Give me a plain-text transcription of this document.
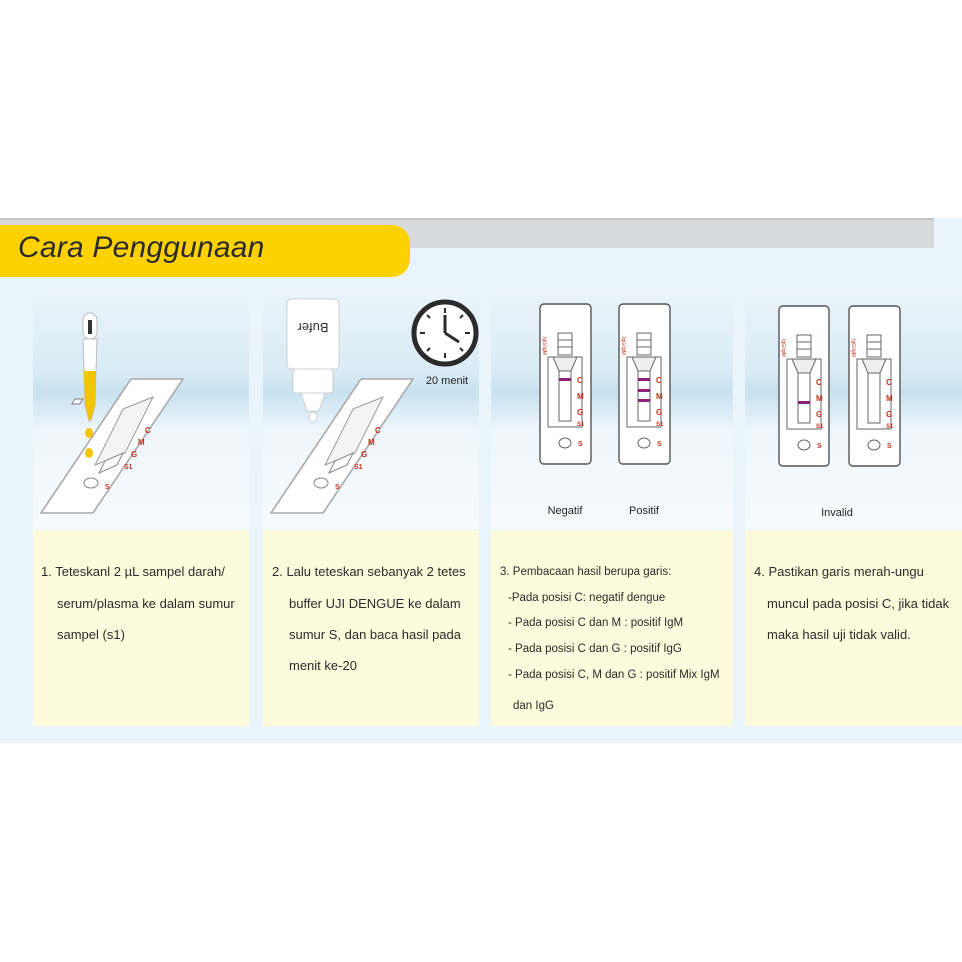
Cara Penggunaan
C
M
G
S1
S
C
M
G
S1
S
Bufer
20 menit
IgG/IgM
C
M
G
S1
S
IgG/IgM
C
M
G
S1
S
Negatif	Positif
IgG/IgM
C
M
G
S1
S
IgG/IgM
C
M
G
S1
S
Invalid
1. Teteskanl 2 µL sampel darah/
serum/plasma ke dalam sumur
sampel (s1)
2. Lalu teteskan sebanyak 2 tetes
buffer UJI DENGUE ke dalam
sumur S, dan baca hasil pada
menit ke-20
3. Pembacaan hasil berupa garis:
-Pada posisi C: negatif dengue
- Pada posisi C dan M : positif IgM
- Pada posisi C dan G : positif IgG
- Pada posisi C, M dan G : positif Mix IgM
dan IgG
4. Pastikan garis merah-ungu
muncul pada posisi C, jika tidak
maka hasil uji tidak valid.
